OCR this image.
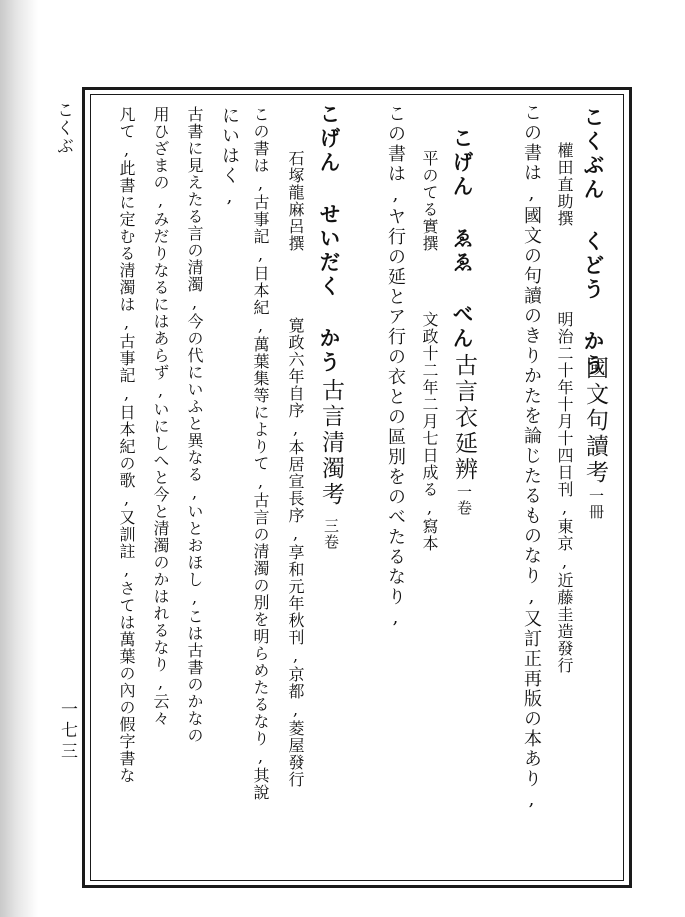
こくぶ
一七三
こくぶん くどう かう
國文句讀考
一冊
權田直助撰
明治二十年十月十四日刊,東京,近藤圭造發行
この書は,國文の句讀のきりかたを論じたるものなり,又訂正再版の本あり,
こげん ゑゑ べん
古言衣延辨
一卷
平のてる實撰
文政十二年二月七日成る,寫本
この書は,ヤ行の延とア行の衣との區別をのべたるなり,
こげん せいだく かう
古言清濁考
三卷
石塚龍麻呂撰
寛政六年自序,本居宣長序,享和元年秋刊,京都,菱屋發行
この書は,古事記,日本紀,萬葉集等によりて,古言の清濁の別を明らめたるなり,其說
にいはく,
古書に見えたる言の清濁,今の代にいふと異なる,いとおほし,こは古書のかなの
用ひざまの,みだりなるにはあらず,いにしへと今と清濁のかはれるなり,云々
凡て,此書に定むる清濁は,古事記,日本紀の歌,又訓註,さては萬葉の內の假字書な
